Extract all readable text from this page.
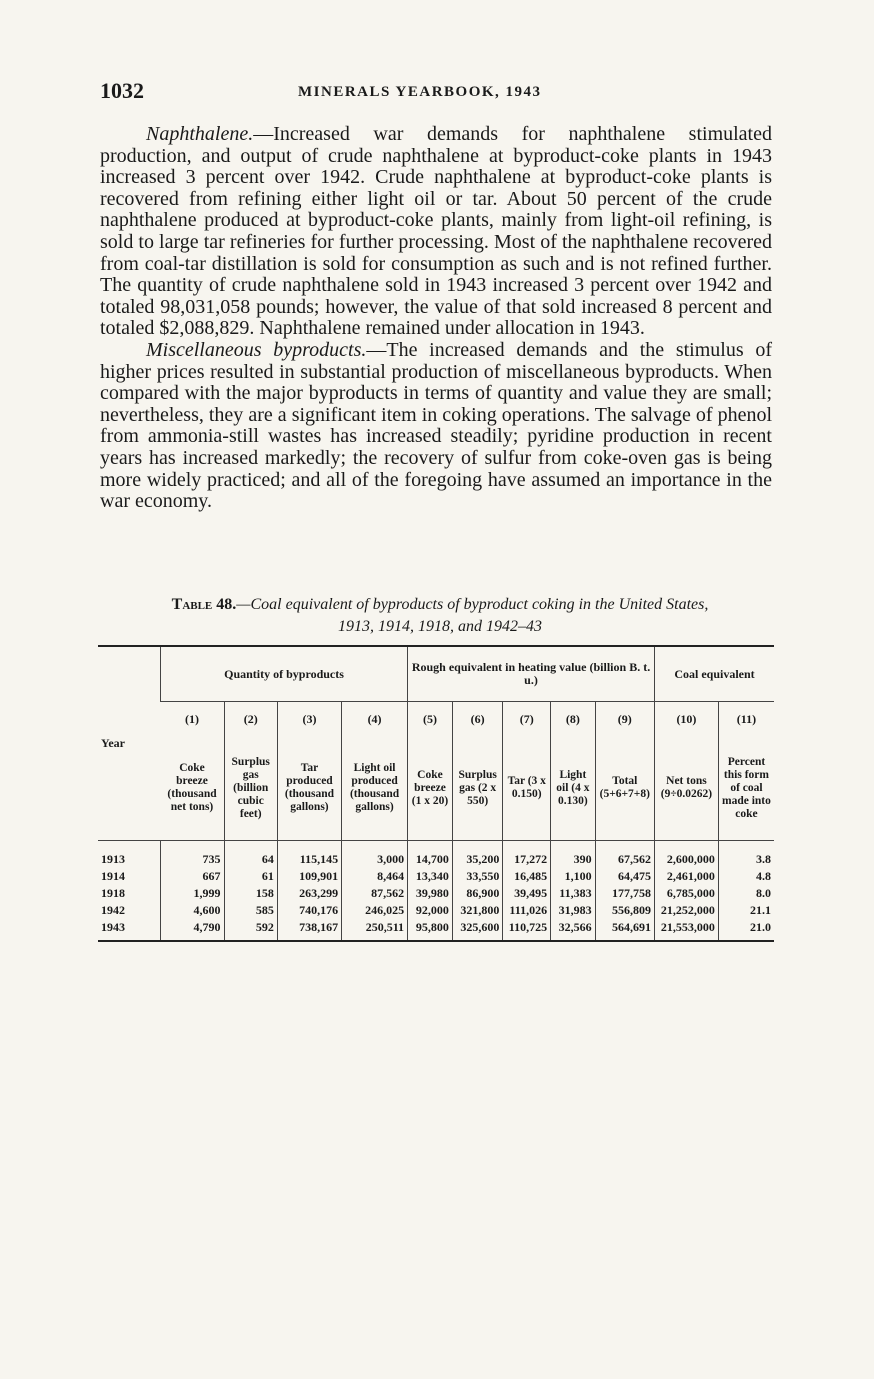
1032	MINERALS YEARBOOK, 1943

Naphthalene.—Increased war demands for naphthalene stimulated production, and output of crude naphthalene at byproduct-coke plants in 1943 increased 3 percent over 1942. Crude naphthalene at byproduct-coke plants is recovered from refining either light oil or tar. About 50 percent of the crude naphthalene produced at byproduct-coke plants, mainly from light-oil refining, is sold to large tar refineries for further processing. Most of the naphthalene recovered from coal-tar distillation is sold for consumption as such and is not refined further. The quantity of crude naphthalene sold in 1943 increased 3 percent over 1942 and totaled 98,031,058 pounds; however, the value of that sold increased 8 percent and totaled $2,088,829. Naphthalene remained under allocation in 1943.

Miscellaneous byproducts.—The increased demands and the stimulus of higher prices resulted in substantial production of miscellaneous byproducts. When compared with the major byproducts in terms of quantity and value they are small; nevertheless, they are a significant item in coking operations. The salvage of phenol from ammonia-still wastes has increased steadily; pyridine production in recent years has increased markedly; the recovery of sulfur from coke-oven gas is being more widely practiced; and all of the foregoing have assumed an importance in the war economy.

Table 48.—Coal equivalent of byproducts of byproduct coking in the United States,
1913, 1914, 1918, and 1942–43
Year	Quantity of byproducts				Rough equivalent in heating value (billion B. t. u.)					Coal equivalent	
	(1)	(2)	(3)	(4)	(5)	(6)	(7)	(8)	(9)	(10)	(11)
	Coke breeze (thousand net tons)	Surplus gas (billion cubic feet)	Tar produced (thousand gallons)	Light oil produced (thousand gallons)	Coke breeze (1 x 20)	Surplus gas (2 x 550)	Tar (3 x 0.150)	Light oil (4 x 0.130)	Total (5+6+7+8)	Net tons (9÷0.0262)	Percent this form of coal made into coke
1913	735	64	115,145	3,000	14,700	35,200	17,272	390	67,562	2,600,000	3.8
1914	667	61	109,901	8,464	13,340	33,550	16,485	1,100	64,475	2,461,000	4.8
1918	1,999	158	263,299	87,562	39,980	86,900	39,495	11,383	177,758	6,785,000	8.0
1942	4,600	585	740,176	246,025	92,000	321,800	111,026	31,983	556,809	21,252,000	21.1
1943	4,790	592	738,167	250,511	95,800	325,600	110,725	32,566	564,691	21,553,000	21.0
